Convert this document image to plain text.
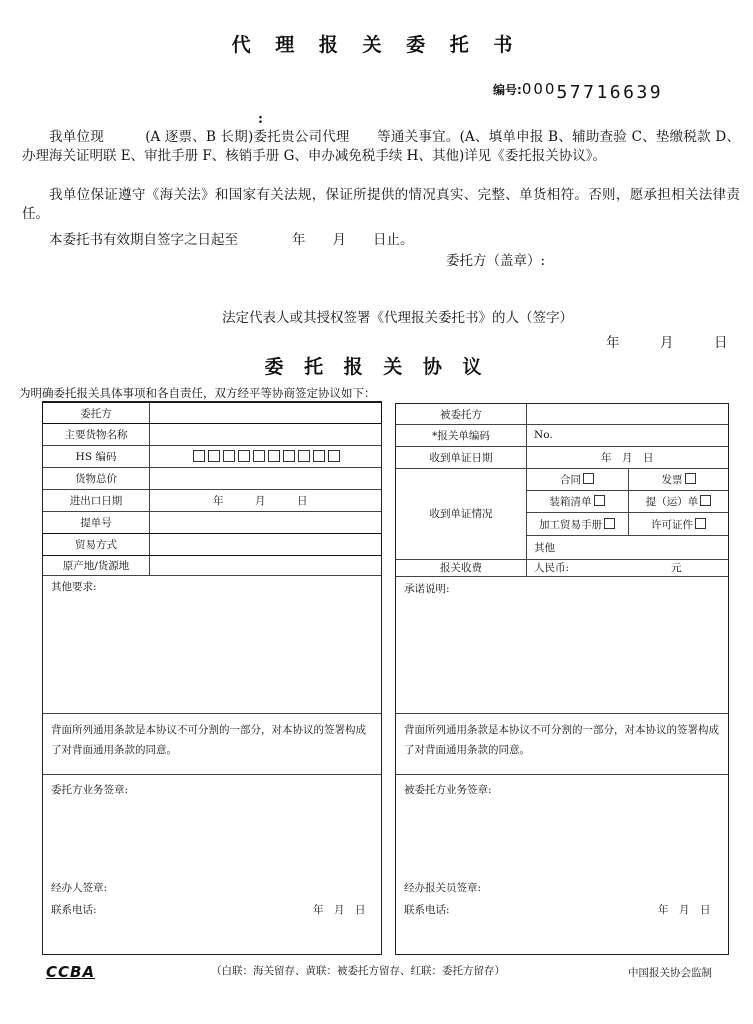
代 理 报 关 委 托 书
编号:00057716639
:
我单位现　　　(A 逐票、B 长期)委托贵公司代理　　等通关事宜。(A、填单申报 B、辅助查验 C、垫缴税款 D、办理海关证明联 E、审批手册 F、核销手册 G、申办减免税手续 H、其他)详见《委托报关协议》。
我单位保证遵守《海关法》和国家有关法规，保证所提供的情况真实、完整、单货相符。否则，愿承担相关法律责任。
本委托书有效期自签字之日起至　　　　年　　月　　日止。
委托方（盖章）:
法定代表人或其授权签署《代理报关委托书》的人（签字）
年　　　月　　　日
委 托 报 关 协 议
为明确委托报关具体事项和各自责任，双方经平等协商签定协议如下：
委托方
主要货物名称
HS 编码
货物总价
进出口日期	年　　　月　　　日
提单号
贸易方式
原产地/货源地
其他要求:
背面所列通用条款是本协议不可分割的一部分，对本协议的签署构成了对背面通用条款的同意。
委托方业务签章:
经办人签章:
联系电话:	年　月　日
被委托方
*报关单编码	No.
收到单证日期	年　月　日
收到单证情况
合同	发票
装箱清单	提（运）单
加工贸易手册	许可证件
其他
报关收费	人民币:	元
承诺说明:
背面所列通用条款是本协议不可分割的一部分，对本协议的签署构成了对背面通用条款的同意。
被委托方业务签章:
经办报关员签章:
联系电话:	年　月　日
CCBA	（白联：海关留存、黄联：被委托方留存、红联：委托方留存）	中国报关协会监制
